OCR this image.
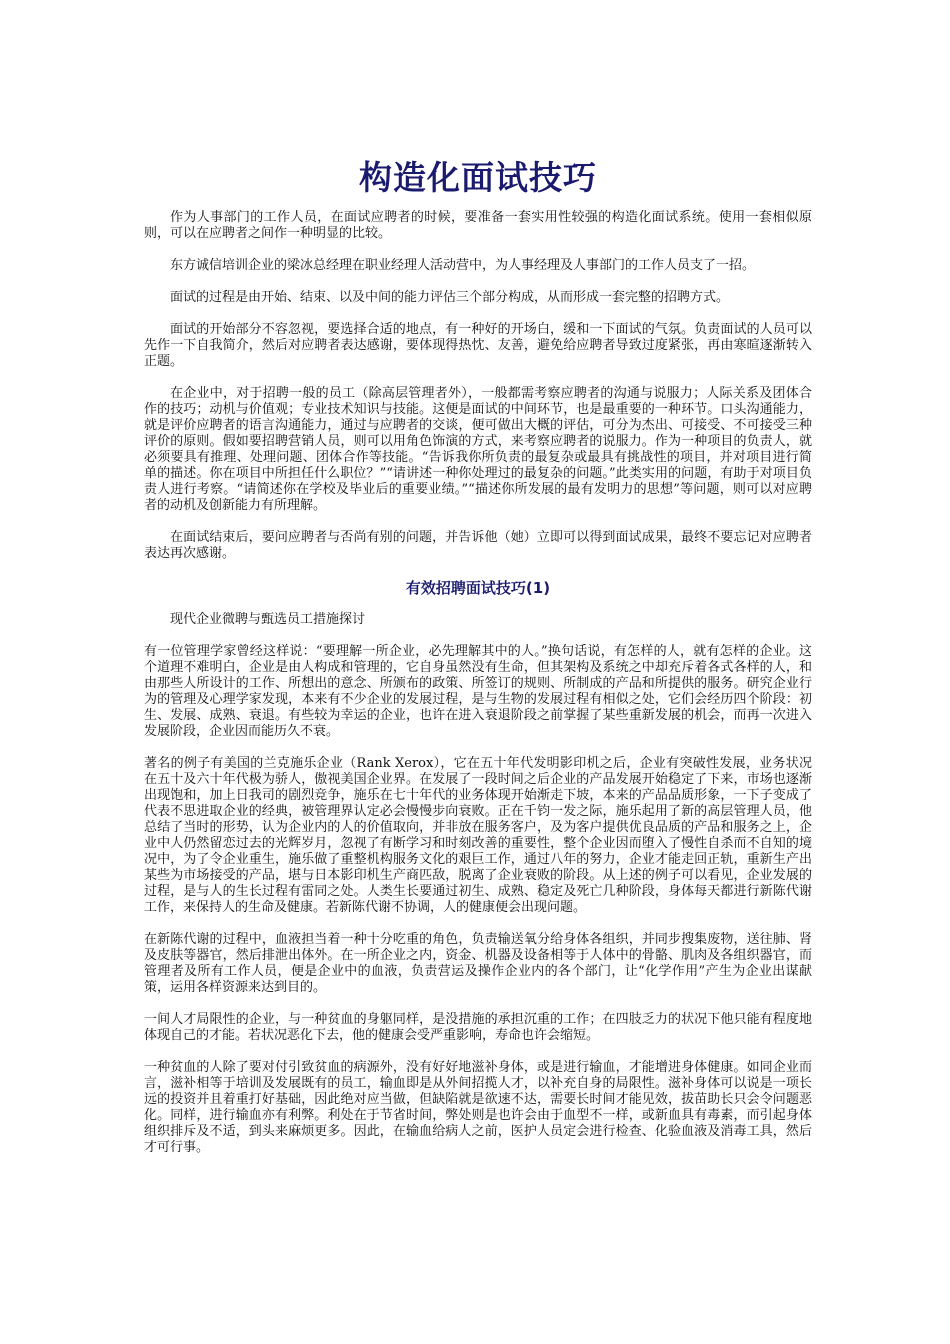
构造化面试技巧

作为人事部门的工作人员，在面试应聘者的时候，要准备一套实用性较强的构造化面试系统。使用一套相似原则，可以在应聘者之间作一种明显的比较。

东方诚信培训企业的梁冰总经理在职业经理人活动营中，为人事经理及人事部门的工作人员支了一招。

面试的过程是由开始、结束、以及中间的能力评估三个部分构成，从而形成一套完整的招聘方式。

面试的开始部分不容忽视，要选择合适的地点，有一种好的开场白，缓和一下面试的气氛。负责面试的人员可以先作一下自我简介，然后对应聘者表达感谢，要体现得热忱、友善，避免给应聘者导致过度紧张，再由寒暄逐渐转入正题。

在企业中，对于招聘一般的员工（除高层管理者外），一般都需考察应聘者的沟通与说服力；人际关系及团体合作的技巧；动机与价值观；专业技术知识与技能。这便是面试的中间环节，也是最重要的一种环节。口头沟通能力，就是评价应聘者的语言沟通能力，通过与应聘者的交谈，便可做出大概的评估，可分为杰出、可接受、不可接受三种评价的原则。假如要招聘营销人员，则可以用角色饰演的方式，来考察应聘者的说服力。作为一种项目的负责人，就必须要具有推理、处理问题、团体合作等技能。“告诉我你所负责的最复杂或最具有挑战性的项目，并对项目进行简单的描述。你在项目中所担任什么职位？”“请讲述一种你处理过的最复杂的问题。”此类实用的问题，有助于对项目负责人进行考察。“请简述你在学校及毕业后的重要业绩。”“描述你所发展的最有发明力的思想”等问题，则可以对应聘者的动机及创新能力有所理解。

在面试结束后，要问应聘者与否尚有别的问题，并告诉他（她）立即可以得到面试成果，最终不要忘记对应聘者表达再次感谢。

有效招聘面试技巧(1)

现代企业微聘与甄选员工措施探讨

有一位管理学家曾经这样说：“要理解一所企业，必先理解其中的人。”换句话说，有怎样的人，就有怎样的企业。这个道理不难明白，企业是由人构成和管理的，它自身虽然没有生命，但其架构及系统之中却充斥着各式各样的人，和由那些人所设计的工作、所想出的意念、所颁布的政策、所签订的规则、所制成的产品和所提供的服务。研究企业行为的管理及心理学家发现，本来有不少企业的发展过程，是与生物的发展过程有相似之处，它们会经历四个阶段：初生、发展、成熟、衰退。有些较为幸运的企业，也许在进入衰退阶段之前掌握了某些重新发展的机会，而再一次进入发展阶段，企业因而能历久不衰。

著名的例子有美国的兰克施乐企业（Rank Xerox），它在五十年代发明影印机之后，企业有突破性发展，业务状况在五十及六十年代极为骄人，傲视美国企业界。在发展了一段时间之后企业的产品发展开始稳定了下来，市场也逐渐出现饱和，加上日我司的剧烈竞争，施乐在七十年代的业务体现开始渐走下坡，本来的产品品质形象，一下子变成了代表不思进取企业的经典，被管理界认定必会慢慢步向衰败。正在千钧一发之际，施乐起用了新的高层管理人员，他总结了当时的形势，认为企业内的人的价值取向，并非放在服务客户，及为客户提供优良品质的产品和服务之上，企业中人仍然留恋过去的光辉岁月，忽视了有断学习和时刻改善的重要性，整个企业因而堕入了慢性自杀而不自知的境况中，为了令企业重生，施乐做了重整机构服务文化的艰巨工作，通过八年的努力，企业才能走回正轨，重新生产出某些为市场接受的产品，堪与日本影印机生产商匹敌，脱离了企业衰败的阶段。从上述的例子可以看见，企业发展的过程，是与人的生长过程有雷同之处。人类生长要通过初生、成熟、稳定及死亡几种阶段，身体每天都进行新陈代谢工作，来保持人的生命及健康。若新陈代谢不协调，人的健康便会出现问题。

在新陈代谢的过程中，血液担当着一种十分吃重的角色，负责输送氧分给身体各组织，并同步搜集废物，送往肺、肾及皮肤等器官，然后排泄出体外。在一所企业之内，资金、机器及设备相等于人体中的骨骼、肌肉及各组织器官，而管理者及所有工作人员，便是企业中的血液，负责营运及操作企业内的各个部门，让“化学作用”产生为企业出谋献策，运用各样资源来达到目的。

一间人才局限性的企业，与一种贫血的身躯同样，是没措施的承担沉重的工作；在四肢乏力的状况下他只能有程度地体现自己的才能。若状况恶化下去，他的健康会受严重影响，寿命也许会缩短。

一种贫血的人除了要对付引致贫血的病源外，没有好好地滋补身体，或是进行输血，才能增进身体健康。如同企业而言，滋补相等于培训及发展既有的员工，输血即是从外间招揽人才，以补充自身的局限性。滋补身体可以说是一项长远的投资并且着重打好基础，因此绝对应当做，但缺陷就是欲速不达，需要长时间才能见效，拔苗助长只会令问题恶化。同样，进行输血亦有利弊。利处在于节省时间，弊处则是也许会由于血型不一样，或新血具有毒素，而引起身体组织排斥及不适，到头来麻烦更多。因此，在输血给病人之前，医护人员定会进行检查、化验血液及消毒工具，然后才可行事。
